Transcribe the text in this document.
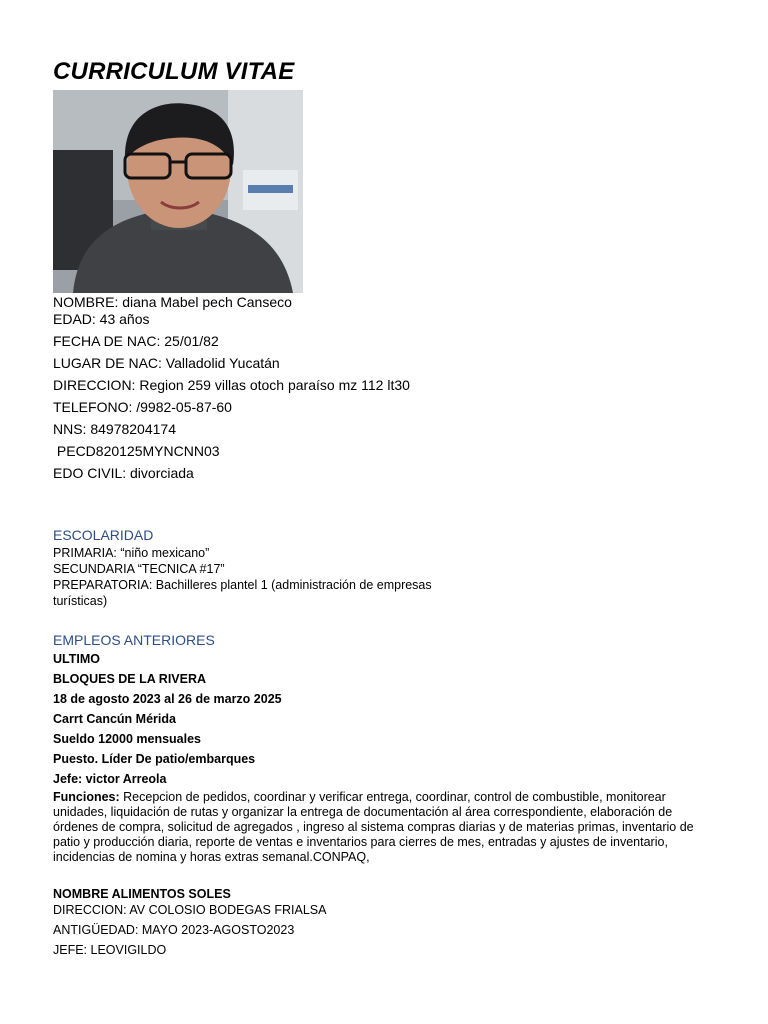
CURRICULUM VITAE
NOMBRE: diana Mabel pech Canseco
EDAD: 43 años
FECHA DE NAC: 25/01/82
LUGAR DE NAC: Valladolid Yucatán
DIRECCION: Region 259 villas otoch paraíso mz 112 lt30
TELEFONO: /9982-05-87-60
NNS: 84978204174
PECD820125MYNCNN03
EDO CIVIL: divorciada
ESCOLARIDAD
PRIMARIA: “niño mexicano”
SECUNDARIA “TECNICA #17”
PREPARATORIA: Bachilleres plantel 1 (administración de empresas turísticas)
EMPLEOS ANTERIORES
ULTIMO
BLOQUES DE LA RIVERA
18 de agosto 2023 al 26 de marzo 2025
Carrt Cancún Mérida
Sueldo 12000 mensuales
Puesto. Líder De patio/embarques
Jefe: victor Arreola
Funciones: Recepcion de pedidos, coordinar y verificar entrega, coordinar, control de combustible, monitorear unidades, liquidación de rutas y organizar la entrega de documentación al área correspondiente, elaboración de órdenes de compra, solicitud de agregados , ingreso al sistema compras diarias y de materias primas, inventario de patio y producción diaria, reporte de ventas e inventarios para cierres de mes, entradas y ajustes de inventario, incidencias de nomina y horas extras semanal.CONPAQ,
NOMBRE ALIMENTOS SOLES
DIRECCION: AV COLOSIO BODEGAS FRIALSA
ANTIGÜEDAD: MAYO 2023-AGOSTO2023
JEFE: LEOVIGILDO
